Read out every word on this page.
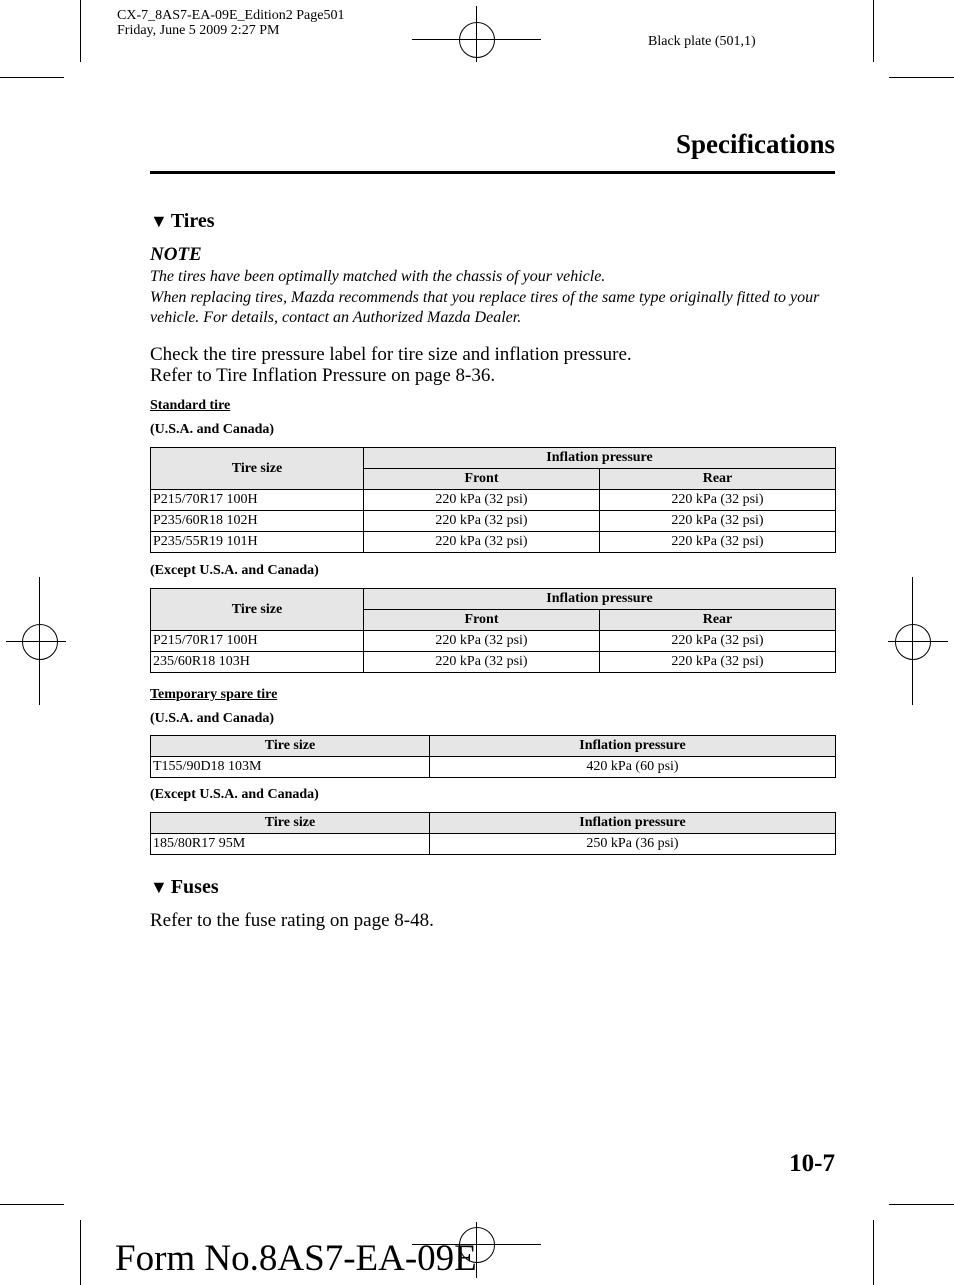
CX-7_8AS7-EA-09E_Edition2 Page501
Friday, June 5 2009 2:27 PM
Black plate (501,1)
Specifications
▼ Tires
NOTE
The tires have been optimally matched with the chassis of your vehicle.
When replacing tires, Mazda recommends that you replace tires of the same type originally fitted to your vehicle. For details, contact an Authorized Mazda Dealer.
Check the tire pressure label for tire size and inflation pressure.
Refer to Tire Inflation Pressure on page 8-36.
Standard tire
(U.S.A. and Canada)
Tire size	Inflation pressure	
	Front	Rear
P215/70R17 100H	220 kPa (32 psi)	220 kPa (32 psi)
P235/60R18 102H	220 kPa (32 psi)	220 kPa (32 psi)
P235/55R19 101H	220 kPa (32 psi)	220 kPa (32 psi)
(Except U.S.A. and Canada)
Tire size	Inflation pressure	
	Front	Rear
P215/70R17 100H	220 kPa (32 psi)	220 kPa (32 psi)
235/60R18 103H	220 kPa (32 psi)	220 kPa (32 psi)
Temporary spare tire
(U.S.A. and Canada)
Tire size	Inflation pressure
T155/90D18 103M	420 kPa (60 psi)
(Except U.S.A. and Canada)
Tire size	Inflation pressure
185/80R17 95M	250 kPa (36 psi)
▼ Fuses
Refer to the fuse rating on page 8-48.
10-7
Form No.8AS7-EA-09E
